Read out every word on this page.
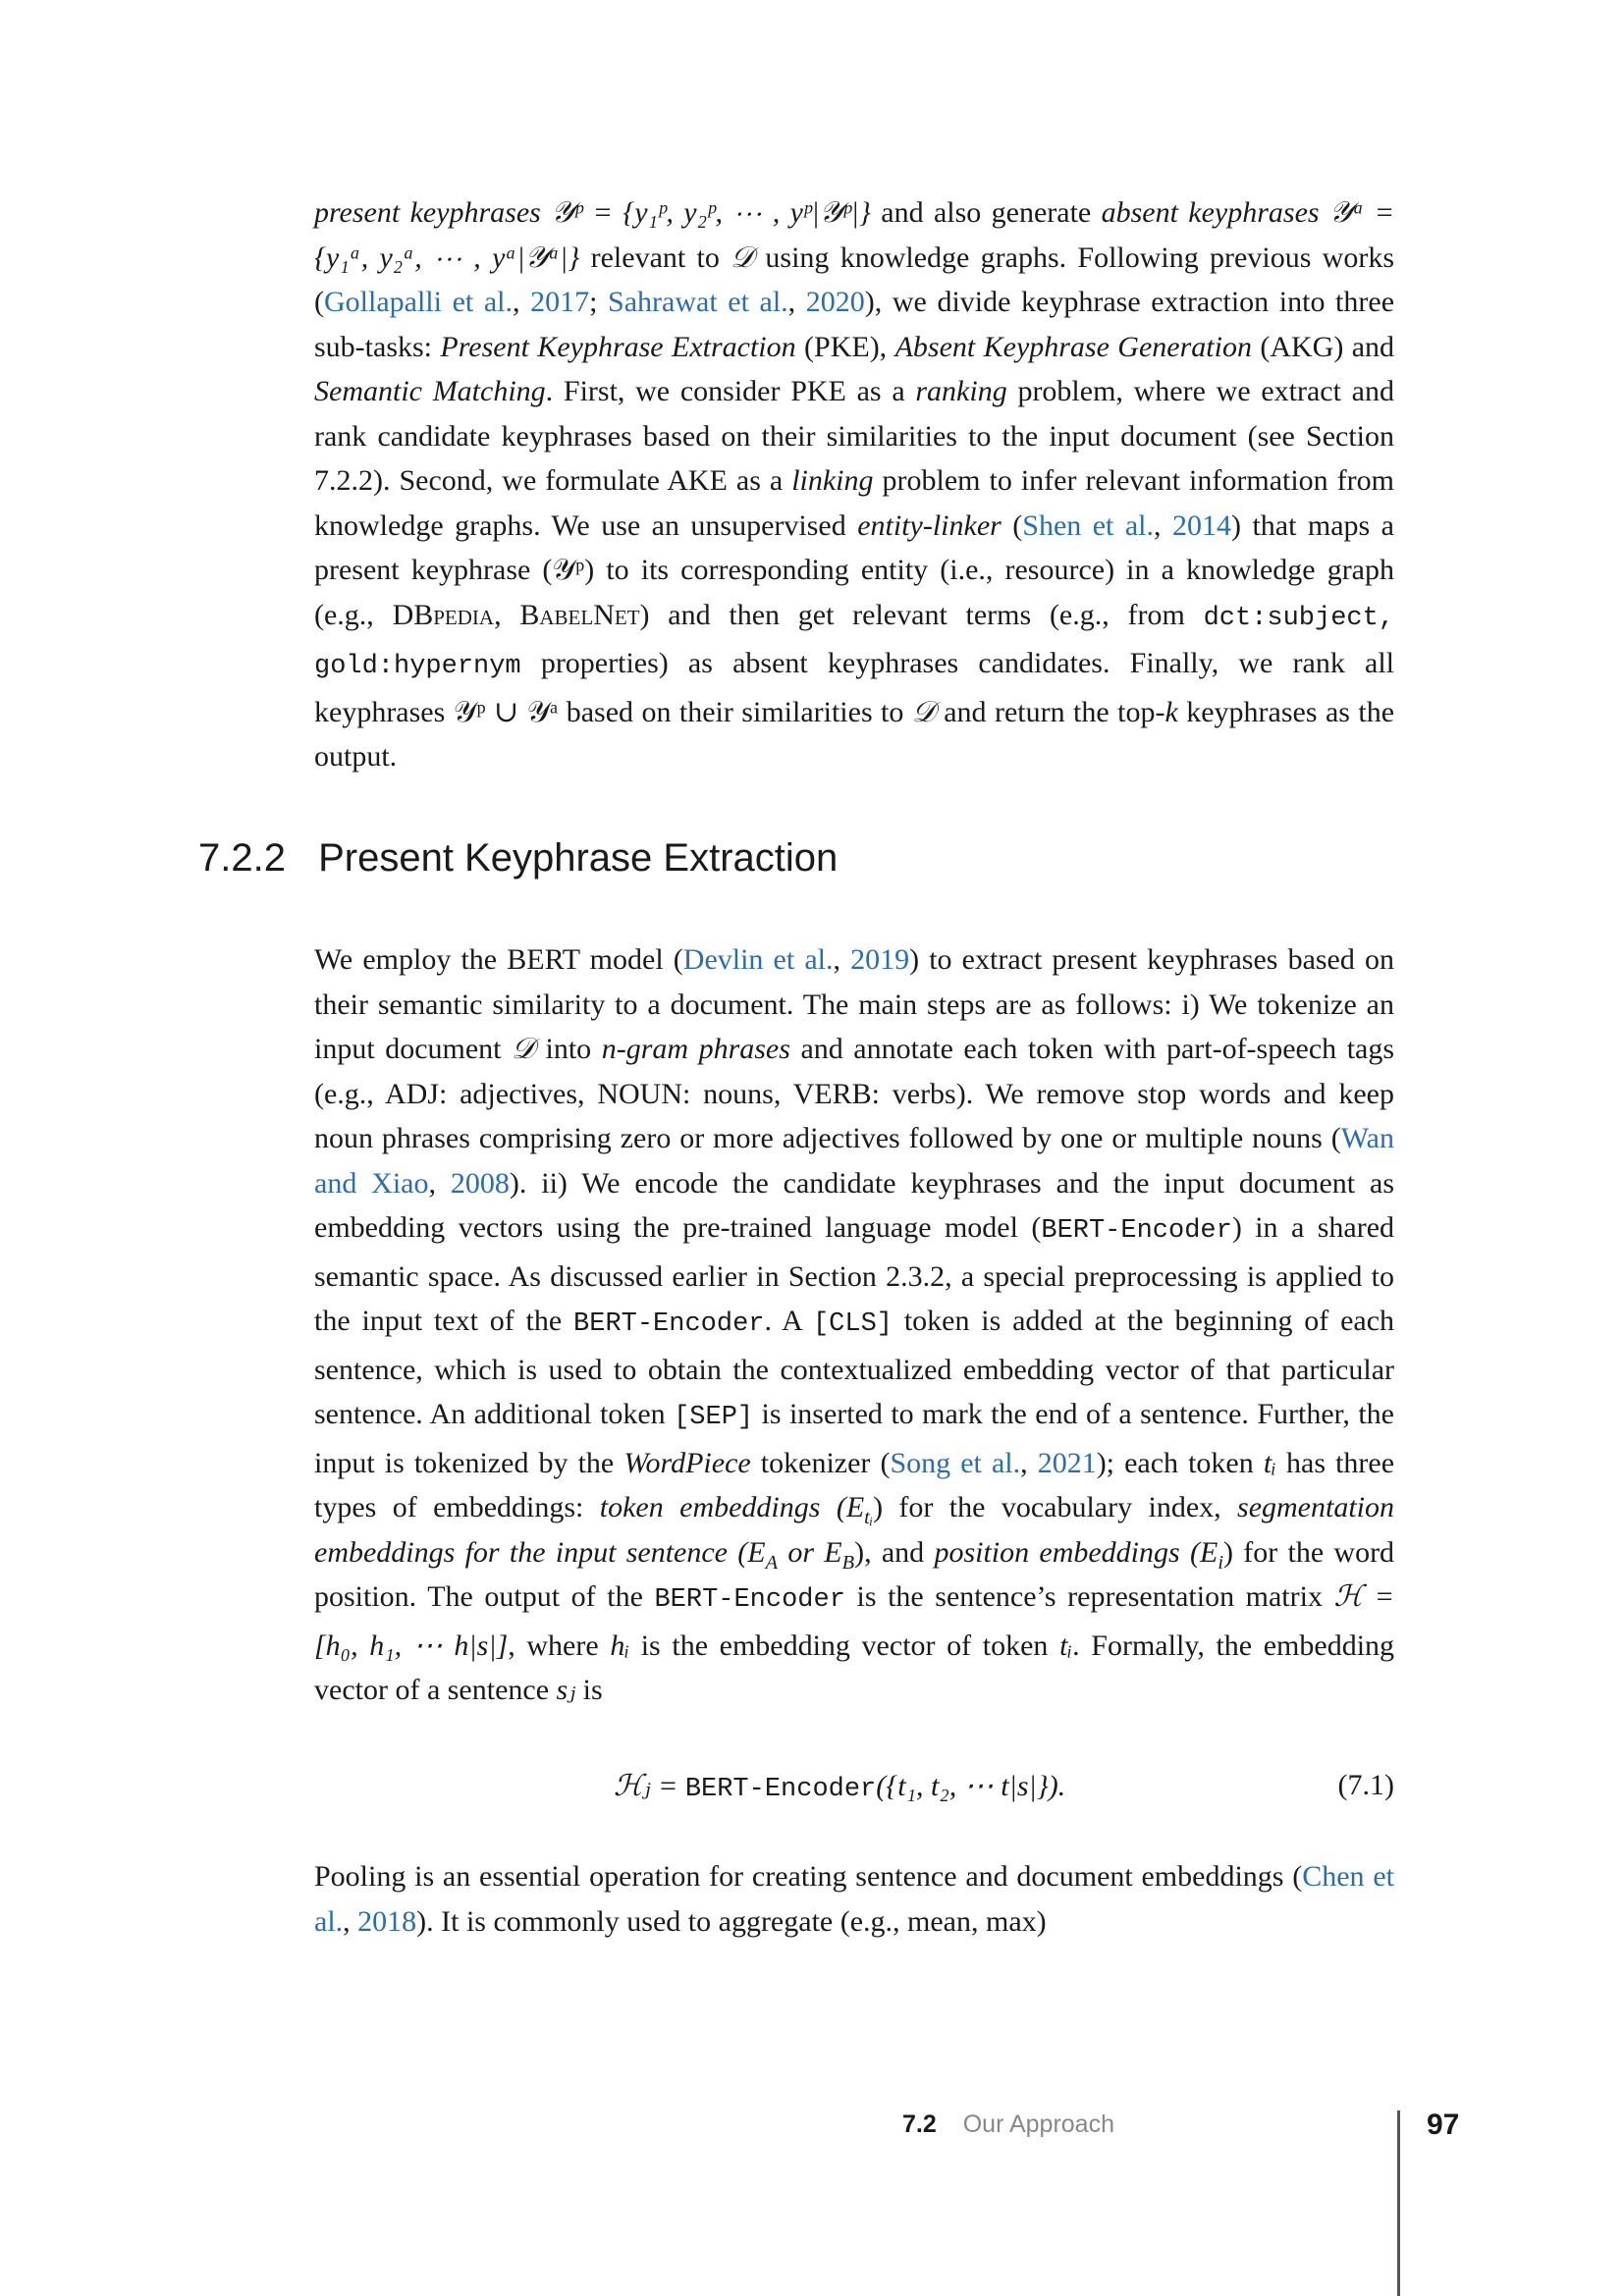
present keyphrases 𝒴ᵖ = {y₁ᵖ, y₂ᵖ, ⋯ , yᵖ|𝒴ᵖ|} and also generate absent keyphrases 𝒴ᵃ = {y₁ᵃ, y₂ᵃ, ⋯ , yᵃ|𝒴ᵃ|} relevant to 𝒟 using knowledge graphs. Following previous works (Gollapalli et al., 2017; Sahrawat et al., 2020), we divide keyphrase extraction into three sub-tasks: Present Keyphrase Extraction (PKE), Absent Keyphrase Generation (AKG) and Semantic Matching. First, we consider PKE as a ranking problem, where we extract and rank candidate keyphrases based on their similarities to the input document (see Section 7.2.2). Second, we formulate AKE as a linking problem to infer relevant information from knowledge graphs. We use an unsupervised entity-linker (Shen et al., 2014) that maps a present keyphrase (𝒴ᵖ) to its corresponding entity (i.e., resource) in a knowledge graph (e.g., DBpedia, BabelNet) and then get relevant terms (e.g., from dct:subject, gold:hypernym properties) as absent keyphrases candidates. Finally, we rank all keyphrases 𝒴ᵖ ∪ 𝒴ᵃ based on their similarities to 𝒟 and return the top-k keyphrases as the output.

7.2.2 Present Keyphrase Extraction

We employ the BERT model (Devlin et al., 2019) to extract present keyphrases based on their semantic similarity to a document. The main steps are as follows: i) We tokenize an input document 𝒟 into n-gram phrases and annotate each token with part-of-speech tags (e.g., ADJ: adjectives, NOUN: nouns, VERB: verbs). We remove stop words and keep noun phrases comprising zero or more adjectives followed by one or multiple nouns (Wan and Xiao, 2008). ii) We encode the candidate keyphrases and the input document as embedding vectors using the pre-trained language model (BERT-Encoder) in a shared semantic space. As discussed earlier in Section 2.3.2, a special preprocessing is applied to the input text of the BERT-Encoder. A [CLS] token is added at the beginning of each sentence, which is used to obtain the contextualized embedding vector of that particular sentence. An additional token [SEP] is inserted to mark the end of a sentence. Further, the input is tokenized by the WordPiece tokenizer (Song et al., 2021); each token tᵢ has three types of embeddings: token embeddings $(E_{tᵢ})$ for the vocabulary index, segmentation embeddings for the input sentence ($E_A$ or $E_B$), and position embeddings $(E_i)$ for the word position. The output of the BERT-Encoder is the sentence’s representation matrix ℋ = [h₀, h₁, ⋯ h|s|], where hᵢ is the embedding vector of token tᵢ. Formally, the embedding vector of a sentence sⱼ is

ℋⱼ = BERT-Encoder({t₁, t₂, ⋯ t|s|}).	(7.1)

Pooling is an essential operation for creating sentence and document embeddings (Chen et al., 2018). It is commonly used to aggregate (e.g., mean, max)

7.2 Our Approach	97
